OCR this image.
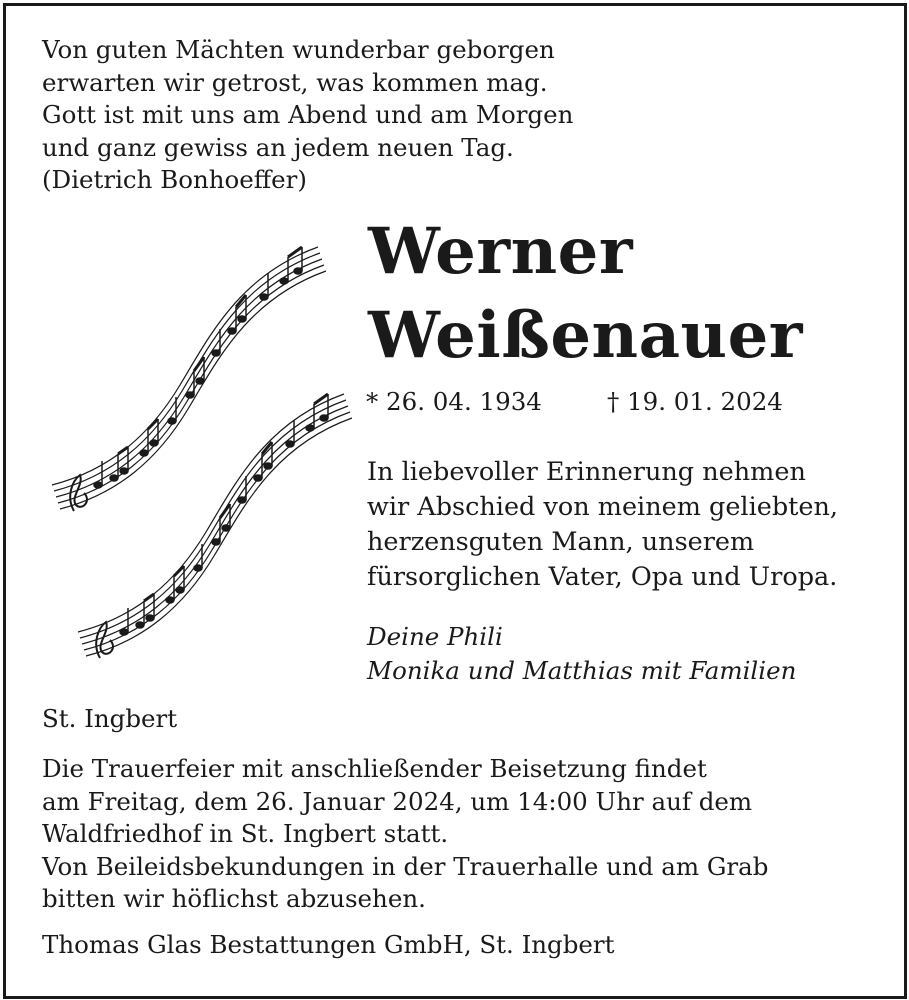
Von guten Mächten wunderbar geborgen
erwarten wir getrost, was kommen mag.
Gott ist mit uns am Abend und am Morgen
und ganz gewiss an jedem neuen Tag.
(Dietrich Bonhoeffer)
Werner
Weißenauer
* 26. 04. 1934	† 19. 01. 2024
In liebevoller Erinnerung nehmen
wir Abschied von meinem geliebten,
herzensguten Mann, unserem
fürsorglichen Vater, Opa und Uropa.
Deine Phili
Monika und Matthias mit Familien
St. Ingbert
Die Trauerfeier mit anschließender Beisetzung findet
am Freitag, dem 26. Januar 2024, um 14:00 Uhr auf dem
Waldfriedhof in St. Ingbert statt.
Von Beileidsbekundungen in der Trauerhalle und am Grab
bitten wir höflichst abzusehen.
Thomas Glas Bestattungen GmbH, St. Ingbert
